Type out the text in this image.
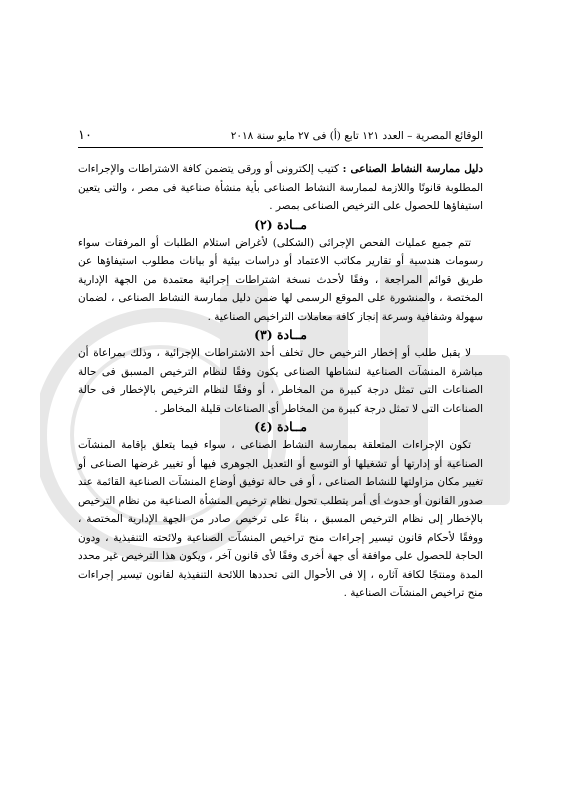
الوقائع المصرية – العدد ١٢١ تابع (أ) فى ٢٧ مايو سنة ٢٠١٨
١٠

دليل ممارسة النشاط الصناعى : كتيب إلكترونى أو ورقى يتضمن كافة الاشتراطات والإجراءات المطلوبة قانونًا واللازمة لممارسة النشاط الصناعى بأية منشأة صناعية فى مصر ، والتى يتعين استيفاؤها للحصول على الترخيص الصناعى بمصر .

مــادة (٢)

تتم جميع عمليات الفحص الإجرائى (الشكلى) لأغراض استلام الطلبات أو المرفقات سواء رسومات هندسية أو تقارير مكاتب الاعتماد أو دراسات بيئية أو بيانات مطلوب استيفاؤها عن طريق قوائم المراجعة ، وفقًا لأحدث نسخة اشتراطات إجرائية معتمدة من الجهة الإدارية المختصة ، والمنشورة على الموقع الرسمى لها ضمن دليل ممارسة النشاط الصناعى ، لضمان سهولة وشفافية وسرعة إنجاز كافة معاملات التراخيص الصناعية .

مــادة (٣)

لا يقبل طلب أو إخطار الترخيص حال تخلف أحد الاشتراطات الإجرائية ، وذلك بمراعاة أن مباشرة المنشآت الصناعية لنشاطها الصناعى يكون وفقًا لنظام الترخيص المسبق فى حالة الصناعات التى تمثل درجة كبيرة من المخاطر ، أو وفقًا لنظام الترخيص بالإخطار فى حالة الصناعات التى لا تمثل درجة كبيرة من المخاطر أى الصناعات قليلة المخاطر .

مــادة (٤)

تكون الإجراءات المتعلقة بممارسة النشاط الصناعى ، سواء فيما يتعلق بإقامة المنشآت الصناعية أو إدارتها أو تشغيلها أو التوسع أو التعديل الجوهرى فيها أو تغيير غرضها الصناعى أو تغيير مكان مزاولتها للنشاط الصناعى ، أو فى حالة توفيق أوضاع المنشآت الصناعية القائمة عند صدور القانون أو حدوث أى أمر يتطلب تحول نظام ترخيص المنشأة الصناعية من نظام الترخيص بالإخطار إلى نظام الترخيص المسبق ، بناءً على ترخيص صادر من الجهة الإدارية المختصة ، ووفقًا لأحكام قانون تيسير إجراءات منح تراخيص المنشآت الصناعية ولائحته التنفيذية ، ودون الحاجة للحصول على موافقة أى جهة أخرى وفقًا لأى قانون آخر ، ويكون هذا الترخيص غير محدد المدة ومنتجًا لكافة آثاره ، إلا فى الأحوال التى تحددها اللائحة التنفيذية لقانون تيسير إجراءات منح تراخيص المنشآت الصناعية .
